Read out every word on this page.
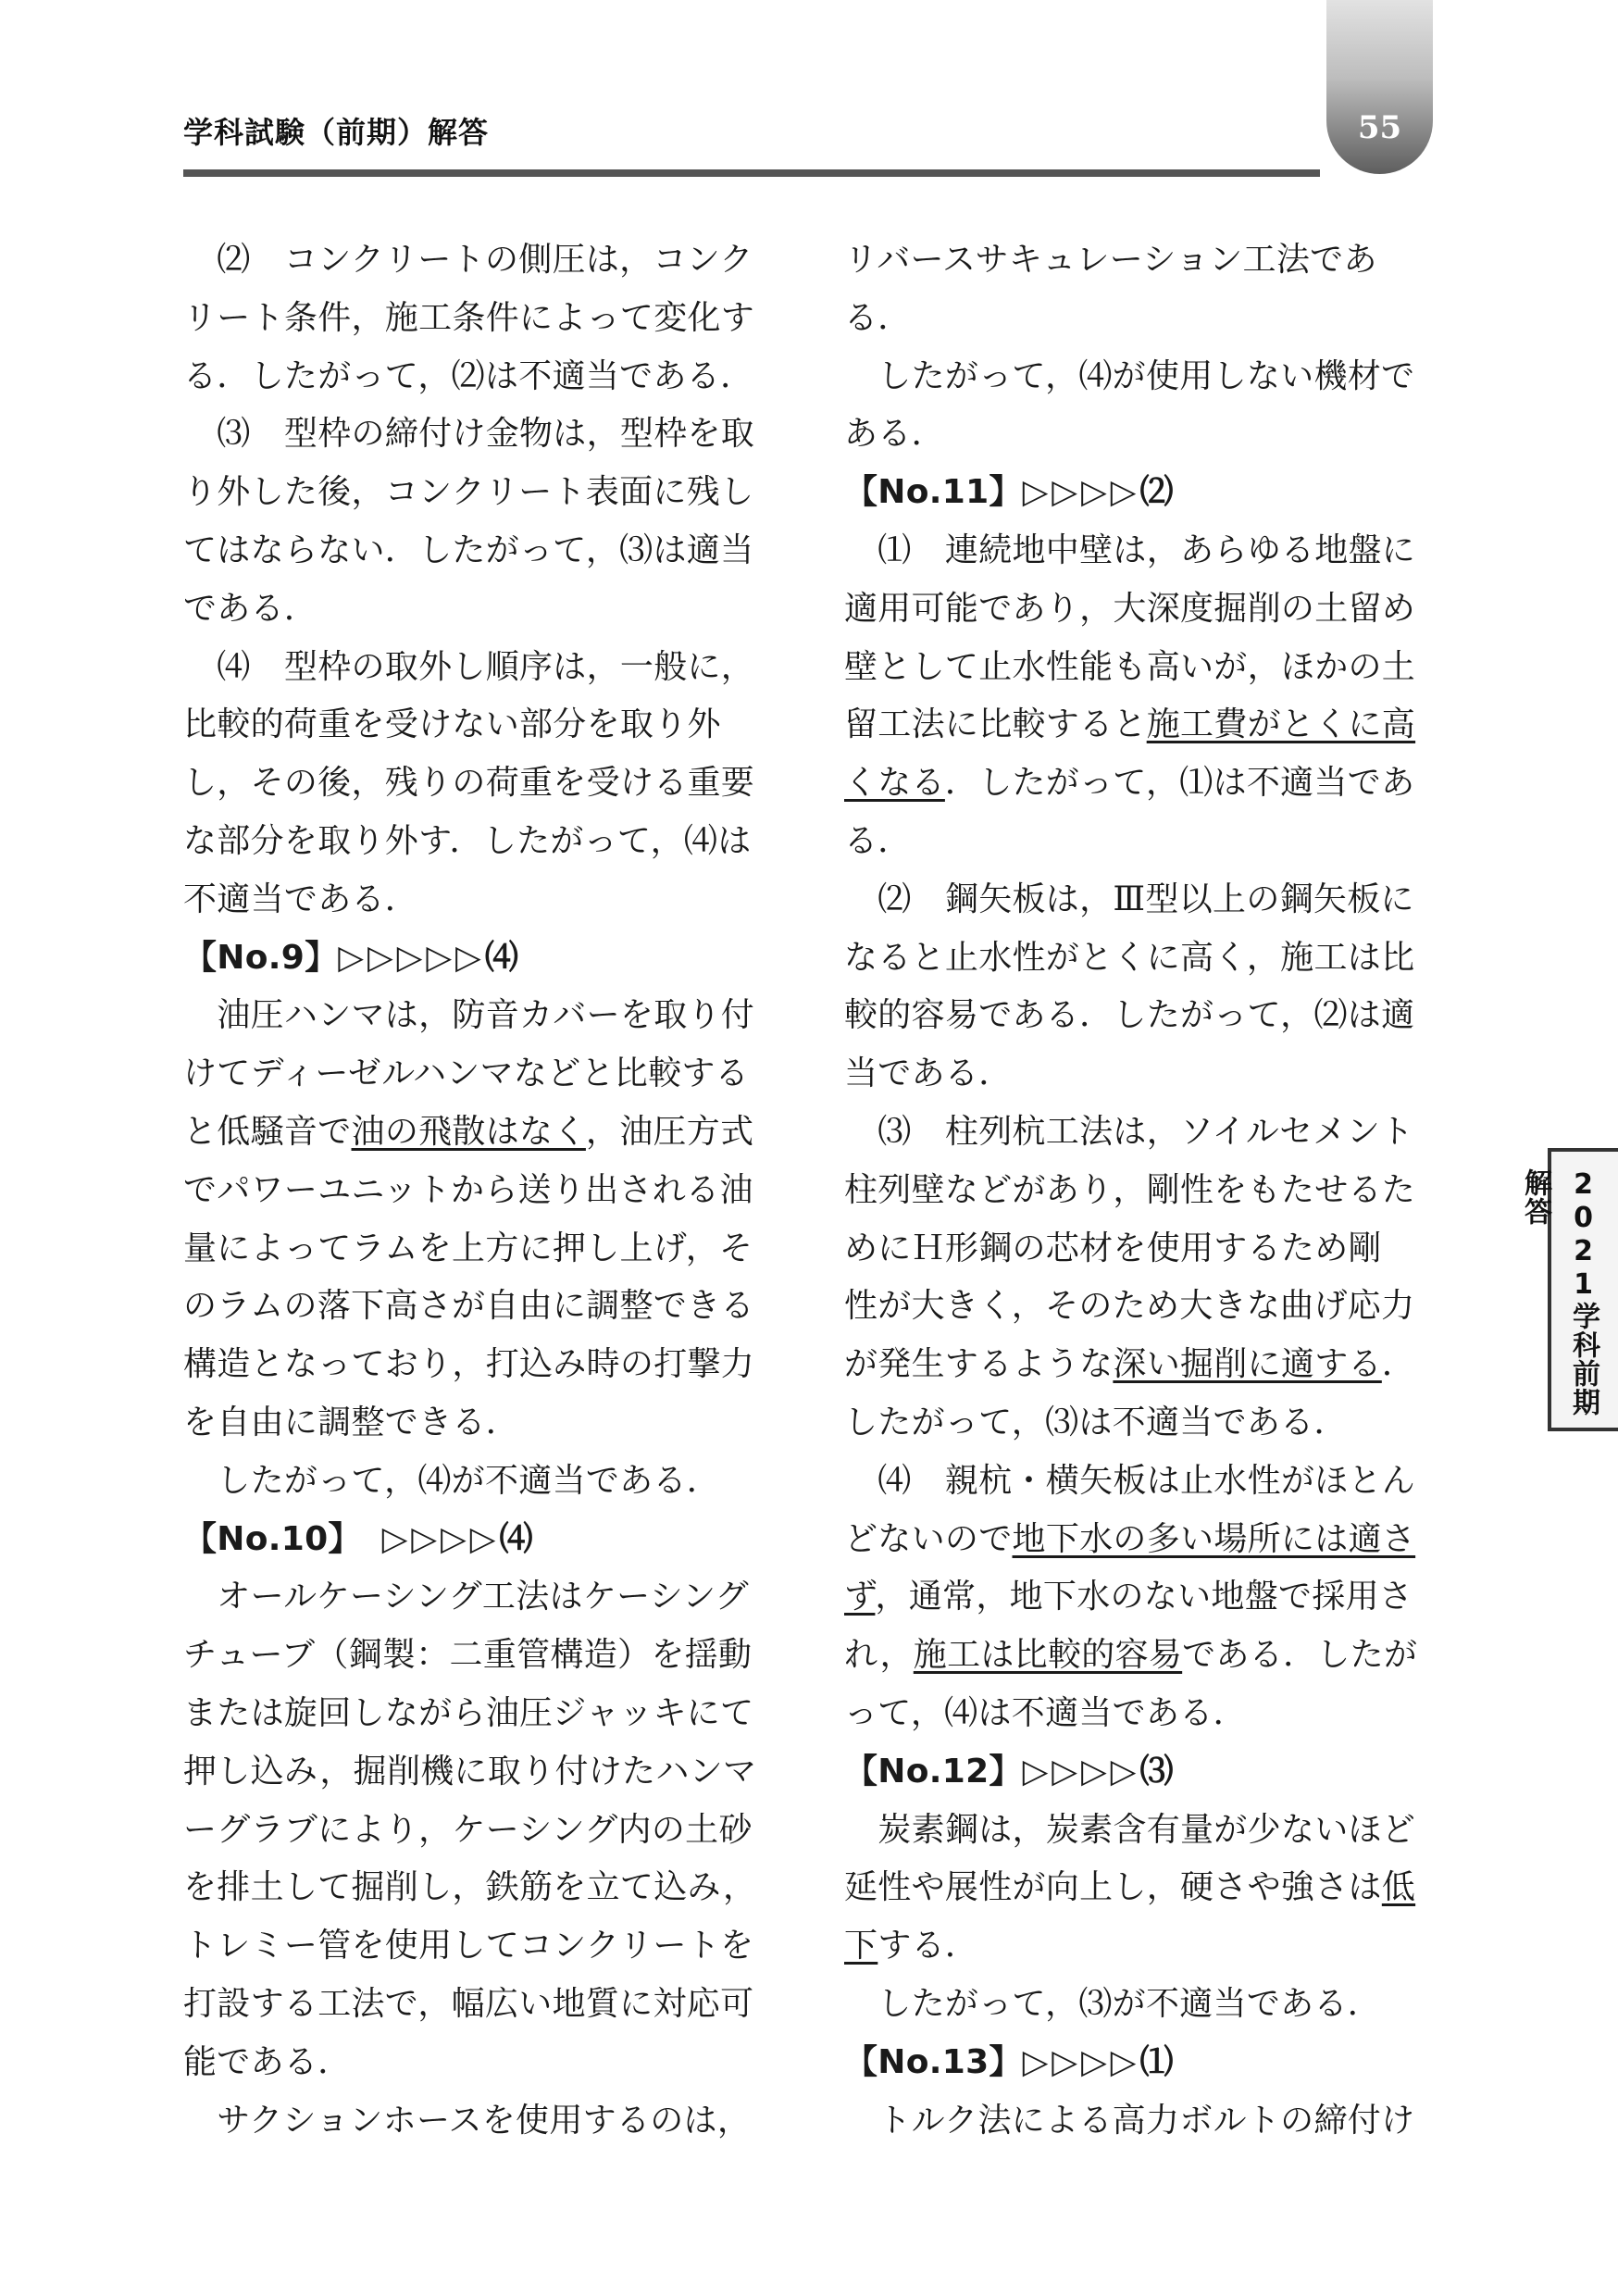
55
学科試験（前期）解答
2021学科前期解答
　⑵　コンクリートの側圧は，コンク
リート条件，施工条件によって変化す
る．したがって，⑵は不適当である．
　⑶　型枠の締付け金物は，型枠を取
り外した後，コンクリート表面に残し
てはならない．したがって，⑶は適当
である．
　⑷　型枠の取外し順序は，一般に，
比較的荷重を受けない部分を取り外
し，その後，残りの荷重を受ける重要
な部分を取り外す．したがって，⑷は
不適当である．
【No.9】▷▷▷▷▷⑷
　油圧ハンマは，防音カバーを取り付
けてディーゼルハンマなどと比較する
と低騒音で油の飛散はなく，油圧方式
でパワーユニットから送り出される油
量によってラムを上方に押し上げ，そ
のラムの落下高さが自由に調整できる
構造となっており，打込み時の打撃力
を自由に調整できる．
　したがって，⑷が不適当である．
【No.10】　▷▷▷▷⑷
　オールケーシング工法はケーシング
チューブ（鋼製：二重管構造）を揺動
または旋回しながら油圧ジャッキにて
押し込み，掘削機に取り付けたハンマ
ーグラブにより，ケーシング内の土砂
を排土して掘削し，鉄筋を立て込み，
トレミー管を使用してコンクリートを
打設する工法で，幅広い地質に対応可
能である．
　サクションホースを使用するのは，
リバースサキュレーション工法であ
る．
　したがって，⑷が使用しない機材で
ある．
【No.11】▷▷▷▷⑵
　⑴　連続地中壁は，あらゆる地盤に
適用可能であり，大深度掘削の土留め
壁として止水性能も高いが，ほかの土
留工法に比較すると施工費がとくに高
くなる．したがって，⑴は不適当であ
る．
　⑵　鋼矢板は，Ⅲ型以上の鋼矢板に
なると止水性がとくに高く，施工は比
較的容易である．したがって，⑵は適
当である．
　⑶　柱列杭工法は，ソイルセメント
柱列壁などがあり，剛性をもたせるた
めにＨ形鋼の芯材を使用するため剛
性が大きく，そのため大きな曲げ応力
が発生するような深い掘削に適する．
したがって，⑶は不適当である．
　⑷　親杭・横矢板は止水性がほとん
どないので地下水の多い場所には適さ
ず，通常，地下水のない地盤で採用さ
れ，施工は比較的容易である．したが
って，⑷は不適当である．
【No.12】▷▷▷▷⑶
　炭素鋼は，炭素含有量が少ないほど
延性や展性が向上し，硬さや強さは低
下する．
　したがって，⑶が不適当である．
【No.13】▷▷▷▷⑴
　トルク法による高力ボルトの締付け
